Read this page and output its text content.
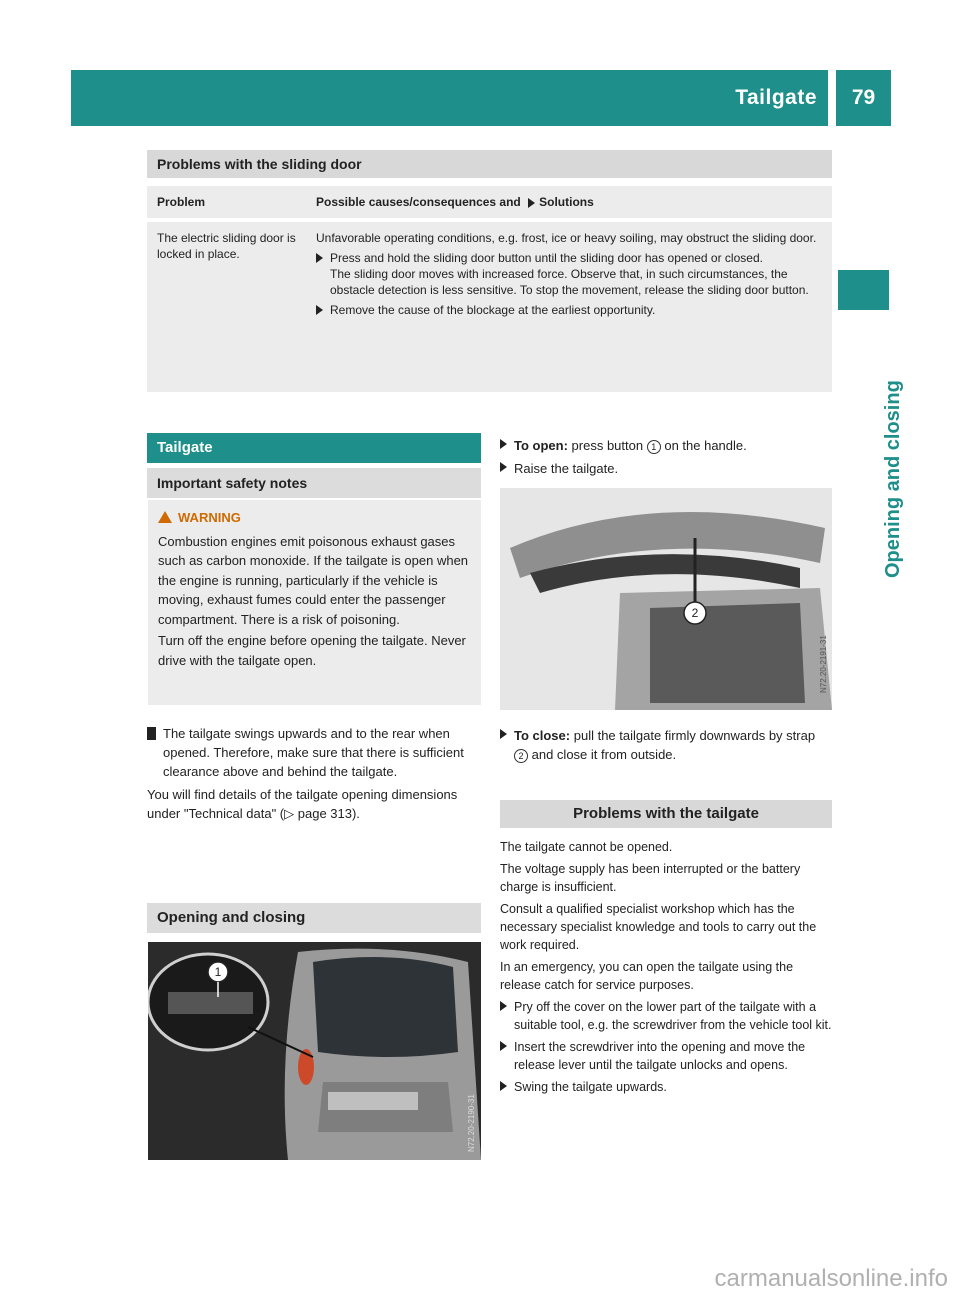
Tailgate	79
Opening and closing
Problems with the sliding door
Problem	Possible causes/consequences and Solutions
The electric sliding door is locked in place.
Unfavorable operating conditions, e.g. frost, ice or heavy soiling, may obstruct the sliding door.
Press and hold the sliding door button until the sliding door has opened or closed.
The sliding door moves with increased force. Observe that, in such circumstances, the obstacle detection is less sensitive. To stop the movement, release the sliding door button.
Remove the cause of the blockage at the earliest opportunity.
Tailgate
Important safety notes
WARNING
Combustion engines emit poisonous exhaust gases such as carbon monoxide. If the tailgate is open when the engine is running, particularly if the vehicle is moving, exhaust fumes could enter the passenger compartment. There is a risk of poisoning.
Turn off the engine before opening the tailgate. Never drive with the tailgate open.
The tailgate swings upwards and to the rear when opened. Therefore, make sure that there is sufficient clearance above and behind the tailgate.
You will find details of the tailgate opening dimensions under "Technical data" (▷ page 313).
Opening and closing
1
N72.20-2190-31
To open: press button 1 on the handle.
Raise the tailgate.
2
N72.20-2191-31
To close: pull the tailgate firmly downwards by strap 2 and close it from outside.
Problems with the tailgate
The tailgate cannot be opened.
The voltage supply has been interrupted or the battery charge is insufficient.
Consult a qualified specialist workshop which has the necessary specialist knowledge and tools to carry out the work required.
In an emergency, you can open the tailgate using the release catch for service purposes.
Pry off the cover on the lower part of the tailgate with a suitable tool, e.g. the screwdriver from the vehicle tool kit.
Insert the screwdriver into the opening and move the release lever until the tailgate unlocks and opens.
Swing the tailgate upwards.
carmanualsonline.info
